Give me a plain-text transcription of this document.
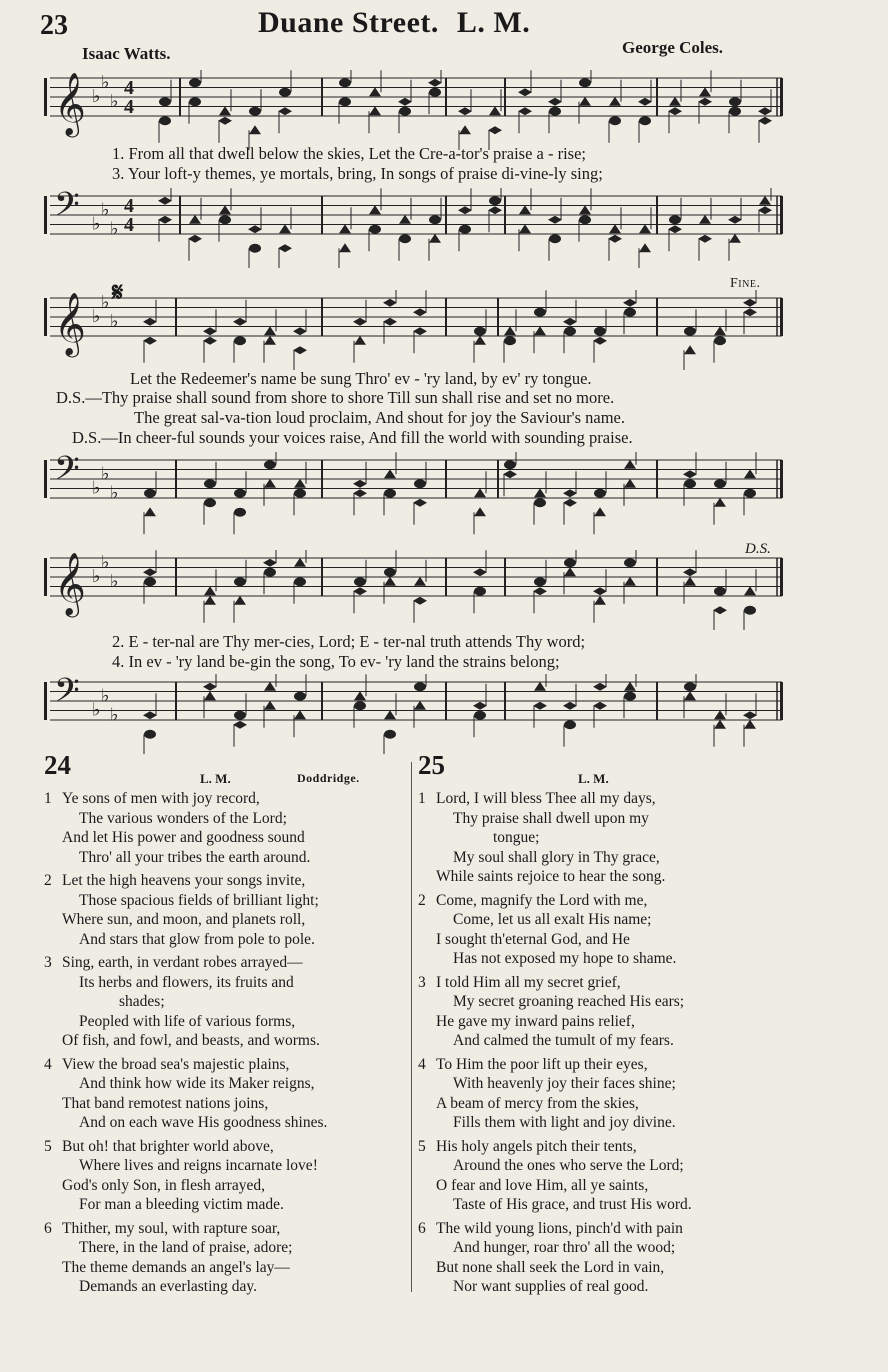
23	Duane Street. L. M.
Isaac Watts.	George Coles.
𝄞 ♭
♭
♭
4
4
1. From all that dwell below the skies, Let the Cre-a-tor's praise a - rise;
3. Your loft-y themes, ye mortals, bring, In songs of praise di-vine-ly sing;
𝄢 ♭
♭
♭
4
4
𝄋	Fine.
𝄞 ♭
♭
♭
Let the Redeemer's name be sung Thro' ev - 'ry land, by ev' ry tongue.
D.S.—Thy praise shall sound from shore to shore Till sun shall rise and set no more.
The great sal-va-tion loud proclaim, And shout for joy the Saviour's name.
D.S.—In cheer-ful sounds your voices raise, And fill the world with sounding praise.
𝄢 ♭
♭
♭
D.S.
𝄞 ♭
♭
♭
2. E - ter-nal are Thy mer-cies, Lord; E - ter-nal truth attends Thy word;
4. In ev - 'ry land be-gin the song, To ev- 'ry land the strains belong;
𝄢 ♭
♭
♭
24	L. M.	Doddridge.
1 Ye sons of men with joy record,
The various wonders of the Lord;
And let His power and goodness sound
Thro' all your tribes the earth around.
2 Let the high heavens your songs invite,
Those spacious fields of brilliant light;
Where sun, and moon, and planets roll,
And stars that glow from pole to pole.
3 Sing, earth, in verdant robes arrayed—
Its herbs and flowers, its fruits and
shades;
Peopled with life of various forms,
Of fish, and fowl, and beasts, and worms.
4 View the broad sea's majestic plains,
And think how wide its Maker reigns,
That band remotest nations joins,
And on each wave His goodness shines.
5 But oh! that brighter world above,
Where lives and reigns incarnate love!
God's only Son, in flesh arrayed,
For man a bleeding victim made.
6 Thither, my soul, with rapture soar,
There, in the land of praise, adore;
The theme demands an angel's lay—
Demands an everlasting day.
25	L. M.
1 Lord, I will bless Thee all my days,
Thy praise shall dwell upon my
tongue;
My soul shall glory in Thy grace,
While saints rejoice to hear the song.
2 Come, magnify the Lord with me,
Come, let us all exalt His name;
I sought th'eternal God, and He
Has not exposed my hope to shame.
3 I told Him all my secret grief,
My secret groaning reached His ears;
He gave my inward pains relief,
And calmed the tumult of my fears.
4 To Him the poor lift up their eyes,
With heavenly joy their faces shine;
A beam of mercy from the skies,
Fills them with light and joy divine.
5 His holy angels pitch their tents,
Around the ones who serve the Lord;
O fear and love Him, all ye saints,
Taste of His grace, and trust His word.
6 The wild young lions, pinch'd with pain
And hunger, roar thro' all the wood;
But none shall seek the Lord in vain,
Nor want supplies of real good.
